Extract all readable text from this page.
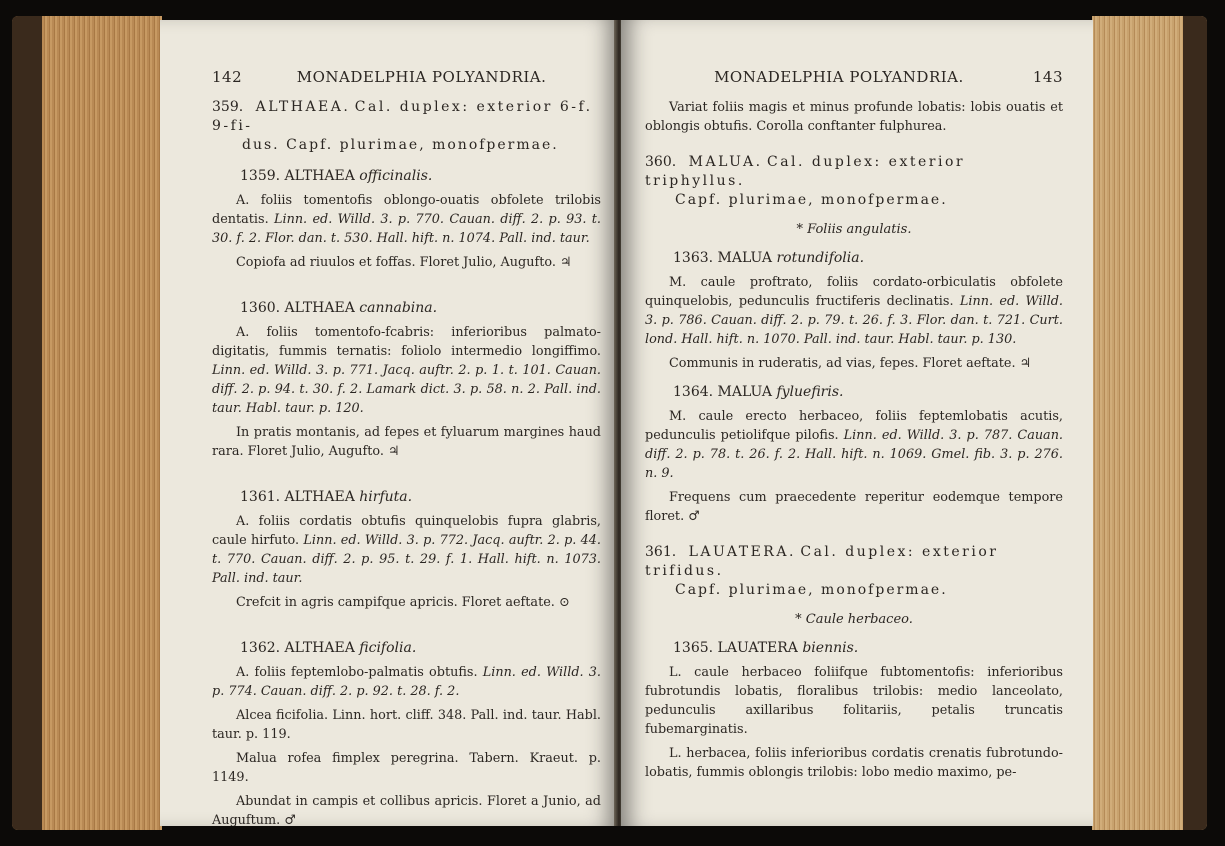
142	MONADELPHIA POLYANDRIA.
359. ALTHAEA. Cal. duplex: exterior 6-f. 9-fi-
dus. Capf. plurimae, monofpermae.
1359. ALTHAEA officinalis.

A. foliis tomentofis oblongo-ouatis obfolete trilobis dentatis. Linn. ed. Willd. 3. p. 770. Cauan. diff. 2. p. 93. t. 30. f. 2. Flor. dan. t. 530. Hall. hift. n. 1074. Pall. ind. taur.

Copiofa ad riuulos et foffas. Floret Julio, Augufto. ♃

1360. ALTHAEA cannabina.

A. foliis tomentofo-fcabris: inferioribus palmato-digitatis, fummis ternatis: foliolo intermedio longiffimo. Linn. ed. Willd. 3. p. 771. Jacq. auftr. 2. p. 1. t. 101. Cauan. diff. 2. p. 94. t. 30. f. 2. Lamark dict. 3. p. 58. n. 2. Pall. ind. taur. Habl. taur. p. 120.

In pratis montanis, ad fepes et fyluarum margines haud rara. Floret Julio, Augufto. ♃

1361. ALTHAEA hirfuta.

A. foliis cordatis obtufis quinquelobis fupra glabris, caule hirfuto. Linn. ed. Willd. 3. p. 772. Jacq. auftr. 2. p. 44. t. 770. Cauan. diff. 2. p. 95. t. 29. f. 1. Hall. hift. n. 1073. Pall. ind. taur.

Crefcit in agris campifque apricis. Floret aeftate. ⊙

1362. ALTHAEA ficifolia.

A. foliis feptemlobo-palmatis obtufis. Linn. ed. Willd. 3. p. 774. Cauan. diff. 2. p. 92. t. 28. f. 2.

Alcea ficifolia. Linn. hort. cliff. 348. Pall. ind. taur. Habl. taur. p. 119.

Malua rofea fimplex peregrina. Tabern. Kraeut. p. 1149.

Abundat in campis et collibus apricis. Floret a Junio, ad Auguftum. ♂

MONADELPHIA POLYANDRIA.	143

Variat foliis magis et minus profunde lobatis: lobis ouatis et oblongis obtufis. Corolla conftanter fulphurea.

360. MALUA. Cal. duplex: exterior triphyllus.
Capf. plurimae, monofpermae.
* Foliis angulatis.
1363. MALUA rotundifolia.

M. caule proftrato, foliis cordato-orbiculatis obfolete quinquelobis, pedunculis fructiferis declinatis. Linn. ed. Willd. 3. p. 786. Cauan. diff. 2. p. 79. t. 26. f. 3. Flor. dan. t. 721. Curt. lond. Hall. hift. n. 1070. Pall. ind. taur. Habl. taur. p. 130.

Communis in ruderatis, ad vias, fepes. Floret aeftate. ♃

1364. MALUA fyluefiris.

M. caule erecto herbaceo, foliis feptemlobatis acutis, pedunculis petiolifque pilofis. Linn. ed. Willd. 3. p. 787. Cauan. diff. 2. p. 78. t. 26. f. 2. Hall. hift. n. 1069. Gmel. fib. 3. p. 276. n. 9.

Frequens cum praecedente reperitur eodemque tempore floret. ♂

361. LAUATERA. Cal. duplex: exterior trifidus.
Capf. plurimae, monofpermae.
* Caule herbaceo.
1365. LAUATERA biennis.

L. caule herbaceo foliifque fubtomentofis: inferioribus fubrotundis lobatis, floralibus trilobis: medio lanceolato, pedunculis axillaribus folitariis, petalis truncatis fubemarginatis.

L. herbacea, foliis inferioribus cordatis crenatis fubrotundo-lobatis, fummis oblongis trilobis: lobo medio maximo, pe-
